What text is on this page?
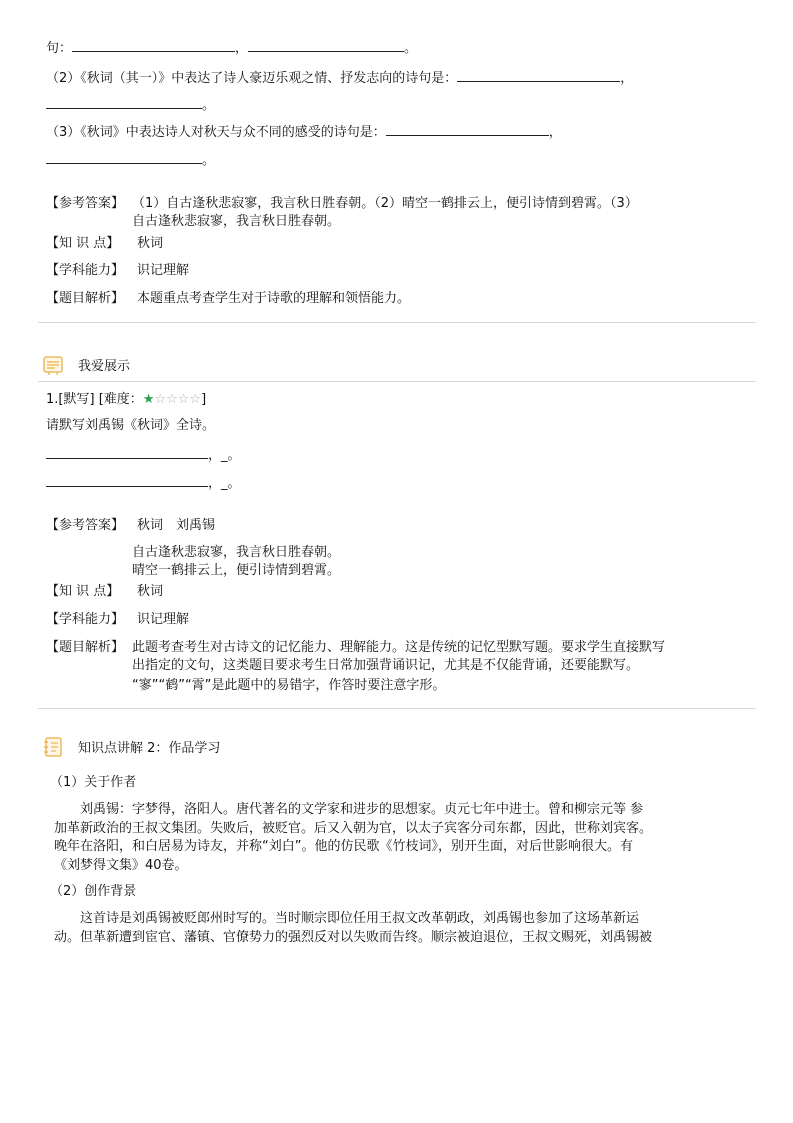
句：	，	。
（2）《秋词（其一）》中表达了诗人豪迈乐观之情、抒发志向的诗句是：	，
。
（3）《秋词》中表达诗人对秋天与众不同的感受的诗句是：	，
。
【参考答案】 （1）自古逢秋悲寂寥，我言秋日胜春朝。（2）晴空一鹤排云上，便引诗情到碧霄。（3）
自古逢秋悲寂寥，我言秋日胜春朝。
【知 识 点】 秋词
【学科能力】 识记理解
【题目解析】 本题重点考查学生对于诗歌的理解和领悟能力。
我爱展示
1.[默写] [难度：★☆☆☆☆]
请默写刘禹锡《秋词》全诗。
，_。
，_。
【参考答案】 秋词　刘禹锡
自古逢秋悲寂寥，我言秋日胜春朝。
晴空一鹤排云上，便引诗情到碧霄。
【知 识 点】 秋词
【学科能力】 识记理解
【题目解析】 此题考查考生对古诗文的记忆能力、理解能力。这是传统的记忆型默写题。要求学生直接默写
出指定的文句，这类题目要求考生日常加强背诵识记，尤其是不仅能背诵，还要能默写。
“寥”“鹤”“霄”是此题中的易错字，作答时要注意字形。
知识点讲解 2：作品学习
（1）关于作者
刘禹锡：字梦得，洛阳人。唐代著名的文学家和进步的思想家。贞元七年中进士。曾和柳宗元等 参
加革新政治的王叔文集团。失败后，被贬官。后又入朝为官，以太子宾客分司东都，因此，世称刘宾客。
晚年在洛阳，和白居易为诗友，并称“刘白”。他的仿民歌《竹枝词》，别开生面，对后世影响很大。有
《刘梦得文集》40卷。
（2）创作背景
这首诗是刘禹锡被贬郎州时写的。当时顺宗即位任用王叔文改革朝政，刘禹锡也参加了这场革新运
动。但革新遭到宦官、藩镇、官僚势力的强烈反对以失败而告终。顺宗被迫退位，王叔文赐死，刘禹锡被
